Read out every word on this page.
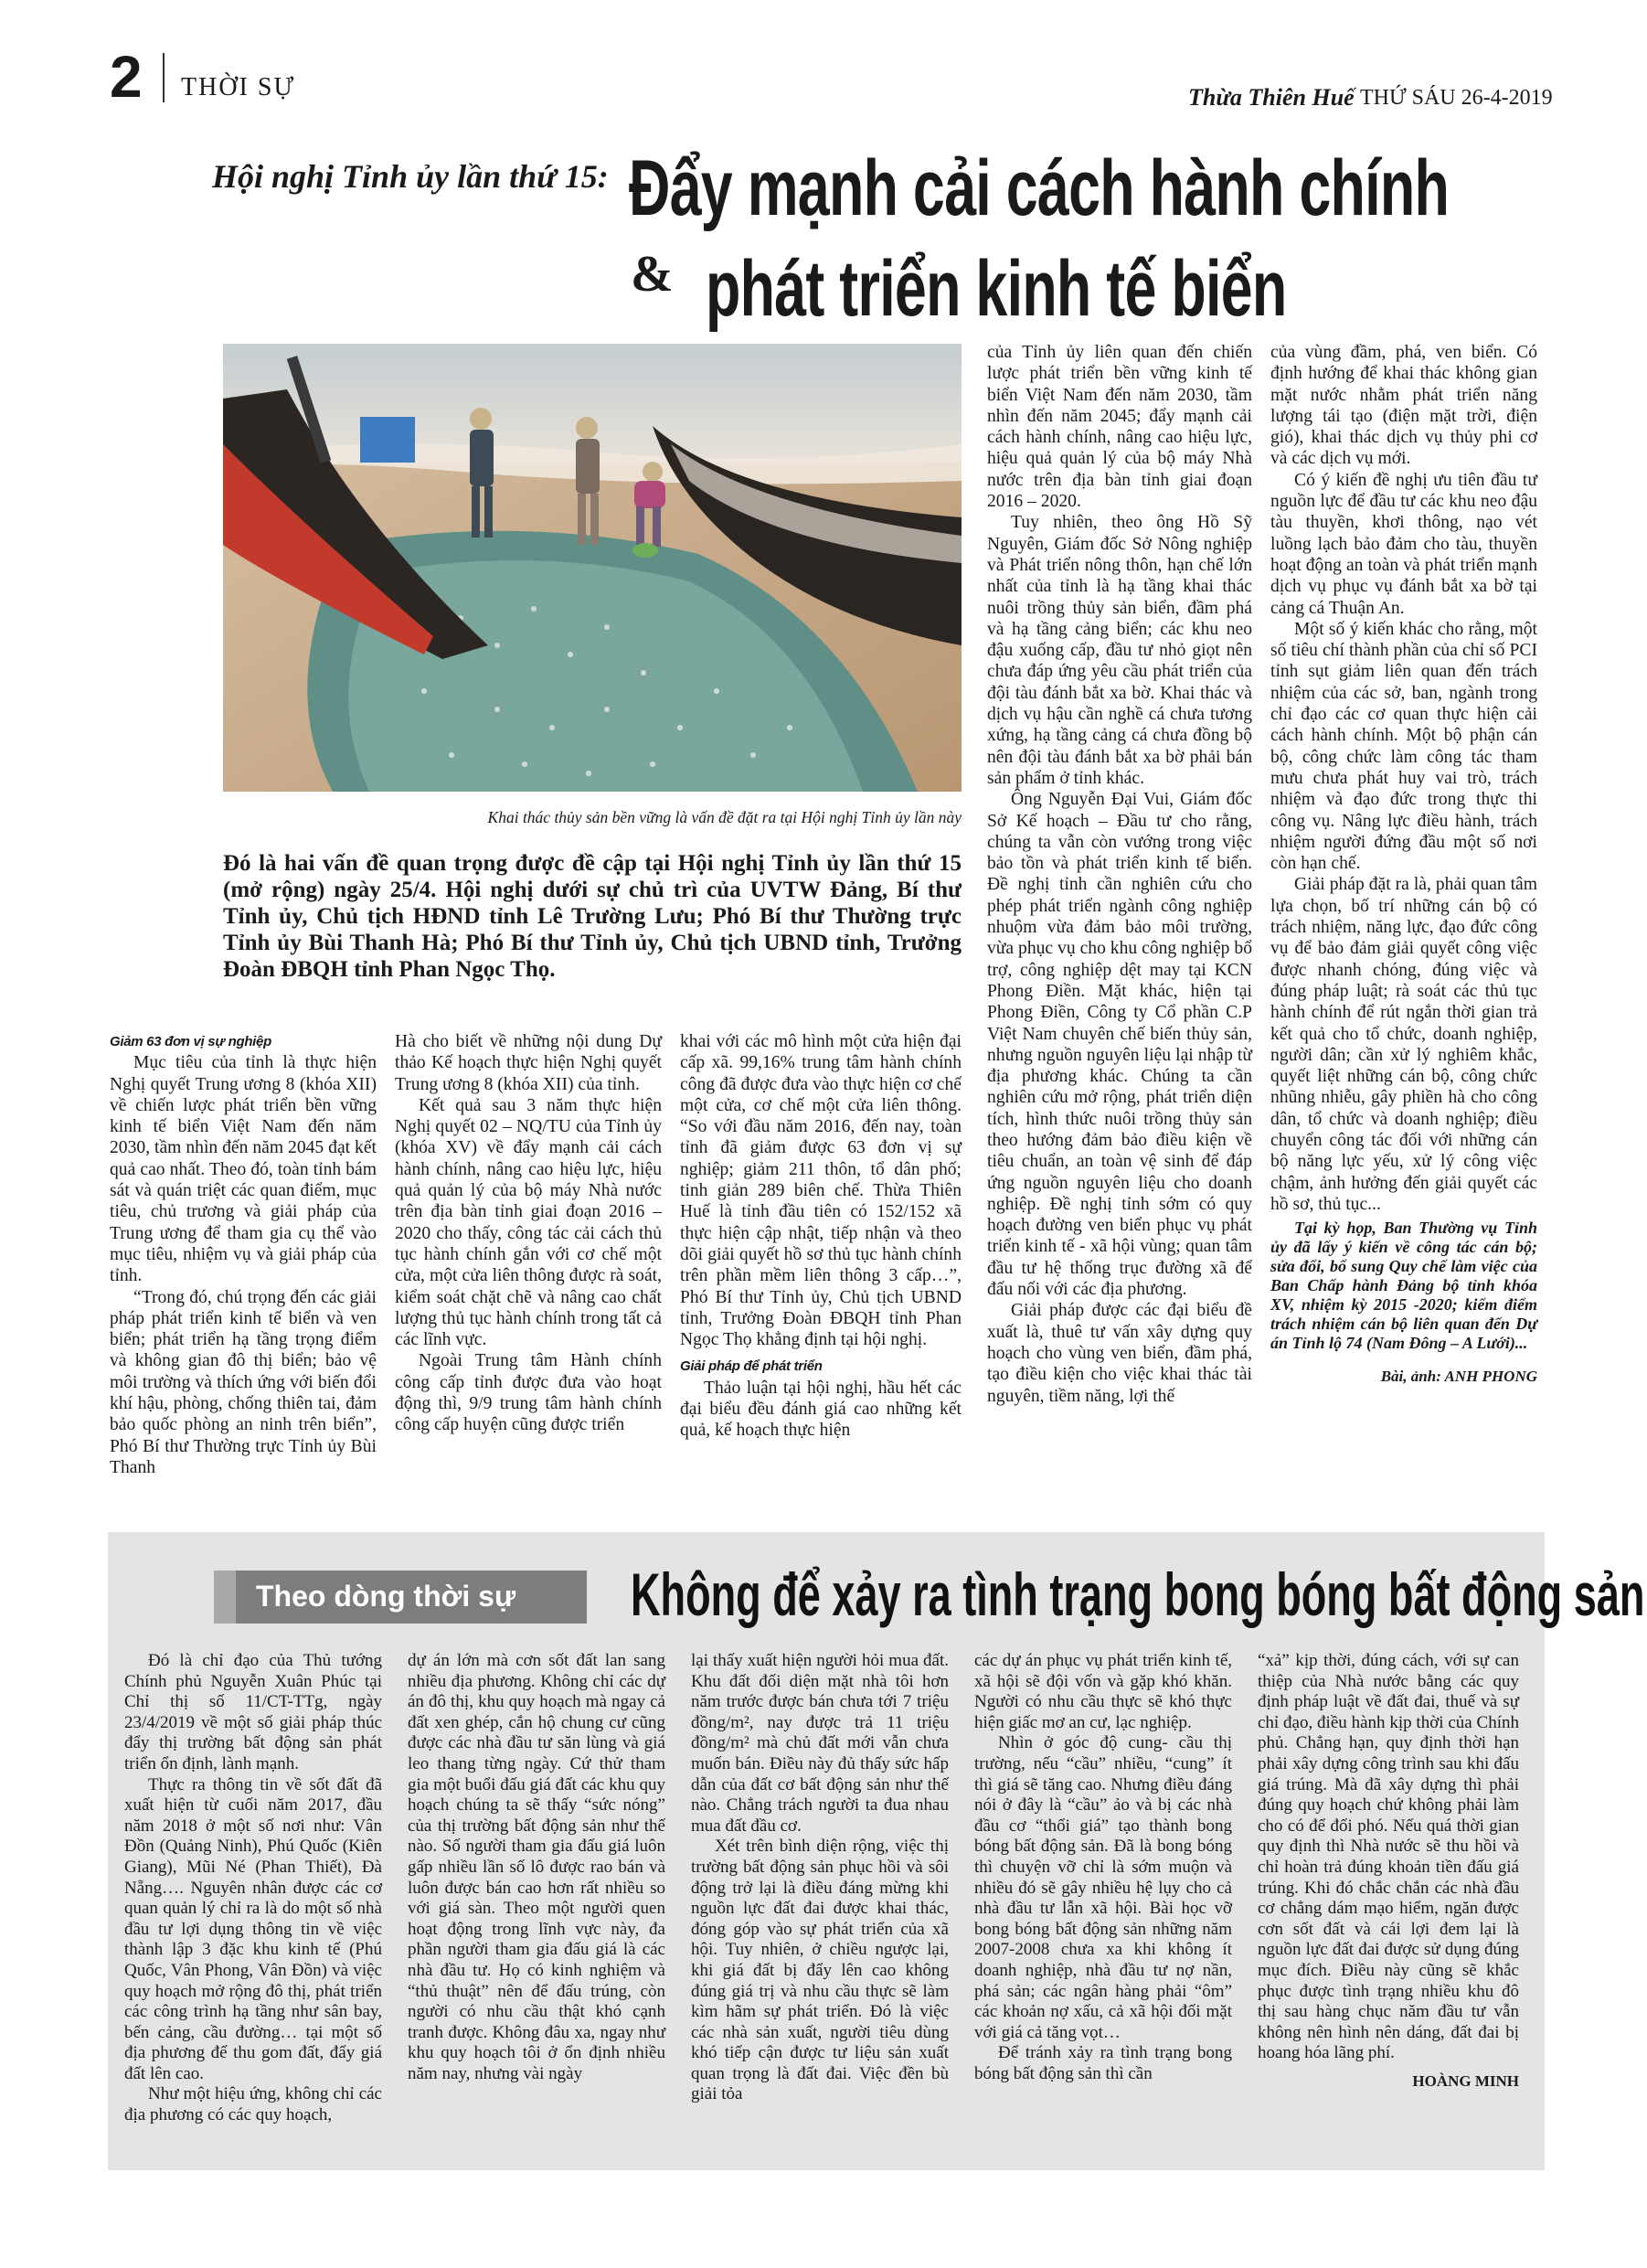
2 THỜI SỰ	Thừa Thiên Huế THỨ SÁU 26-4-2019
Hội nghị Tỉnh ủy lần thứ 15: Đẩy mạnh cải cách hành chính
& phát triển kinh tế biển
Khai thác thủy sản bền vững là vấn đề đặt ra tại Hội nghị Tỉnh ủy lần này
Đó là hai vấn đề quan trọng được đề cập tại Hội nghị Tỉnh ủy lần thứ 15 (mở rộng) ngày 25/4. Hội nghị dưới sự chủ trì của UVTW Đảng, Bí thư Tỉnh ủy, Chủ tịch HĐND tỉnh Lê Trường Lưu; Phó Bí thư Thường trực Tỉnh ủy Bùi Thanh Hà; Phó Bí thư Tỉnh ủy, Chủ tịch UBND tỉnh, Trưởng Đoàn ĐBQH tỉnh Phan Ngọc Thọ.

Giảm 63 đơn vị sự nghiệp

Mục tiêu của tỉnh là thực hiện Nghị quyết Trung ương 8 (khóa XII) về chiến lược phát triển bền vững kinh tế biển Việt Nam đến năm 2030, tầm nhìn đến năm 2045 đạt kết quả cao nhất. Theo đó, toàn tỉnh bám sát và quán triệt các quan điểm, mục tiêu, chủ trương và giải pháp của Trung ương để tham gia cụ thể vào mục tiêu, nhiệm vụ và giải pháp của tỉnh.

“Trong đó, chú trọng đến các giải pháp phát triển kinh tế biển và ven biển; phát triển hạ tầng trọng điểm và không gian đô thị biển; bảo vệ môi trường và thích ứng với biến đổi khí hậu, phòng, chống thiên tai, đảm bảo quốc phòng an ninh trên biển”, Phó Bí thư Thường trực Tỉnh ủy Bùi Thanh

Hà cho biết về những nội dung Dự thảo Kế hoạch thực hiện Nghị quyết Trung ương 8 (khóa XII) của tỉnh.

Kết quả sau 3 năm thực hiện Nghị quyết 02 – NQ/TU của Tỉnh ủy (khóa XV) về đẩy mạnh cải cách hành chính, nâng cao hiệu lực, hiệu quả quản lý của bộ máy Nhà nước trên địa bàn tỉnh giai đoạn 2016 – 2020 cho thấy, công tác cải cách thủ tục hành chính gắn với cơ chế một cửa, một cửa liên thông được rà soát, kiểm soát chặt chẽ và nâng cao chất lượng thủ tục hành chính trong tất cả các lĩnh vực.

Ngoài Trung tâm Hành chính công cấp tỉnh được đưa vào hoạt động thì, 9/9 trung tâm hành chính công cấp huyện cũng được triển

khai với các mô hình một cửa hiện đại cấp xã. 99,16% trung tâm hành chính công đã được đưa vào thực hiện cơ chế một cửa, cơ chế một cửa liên thông. “So với đầu năm 2016, đến nay, toàn tỉnh đã giảm được 63 đơn vị sự nghiệp; giảm 211 thôn, tổ dân phố; tinh giản 289 biên chế. Thừa Thiên Huế là tỉnh đầu tiên có 152/152 xã thực hiện cập nhật, tiếp nhận và theo dõi giải quyết hồ sơ thủ tục hành chính trên phần mềm liên thông 3 cấp…”, Phó Bí thư Tỉnh ủy, Chủ tịch UBND tỉnh, Trưởng Đoàn ĐBQH tỉnh Phan Ngọc Thọ khẳng định tại hội nghị.

Giải pháp để phát triển

Thảo luận tại hội nghị, hầu hết các đại biểu đều đánh giá cao những kết quả, kế hoạch thực hiện

của Tỉnh ủy liên quan đến chiến lược phát triển bền vững kinh tế biển Việt Nam đến năm 2030, tầm nhìn đến năm 2045; đẩy mạnh cải cách hành chính, nâng cao hiệu lực, hiệu quả quản lý của bộ máy Nhà nước trên địa bàn tỉnh giai đoạn 2016 – 2020.

Tuy nhiên, theo ông Hồ Sỹ Nguyên, Giám đốc Sở Nông nghiệp và Phát triển nông thôn, hạn chế lớn nhất của tỉnh là hạ tầng khai thác nuôi trồng thủy sản biển, đầm phá và hạ tầng cảng biển; các khu neo đậu xuống cấp, đầu tư nhỏ giọt nên chưa đáp ứng yêu cầu phát triển của đội tàu đánh bắt xa bờ. Khai thác và dịch vụ hậu cần nghề cá chưa tương xứng, hạ tầng cảng cá chưa đồng bộ nên đội tàu đánh bắt xa bờ phải bán sản phẩm ở tỉnh khác.

Ông Nguyễn Đại Vui, Giám đốc Sở Kế hoạch – Đầu tư cho rằng, chúng ta vẫn còn vướng trong việc bảo tồn và phát triển kinh tế biển. Đề nghị tỉnh cần nghiên cứu cho phép phát triển ngành công nghiệp nhuộm vừa đảm bảo môi trường, vừa phục vụ cho khu công nghiệp bổ trợ, công nghiệp dệt may tại KCN Phong Điền. Mặt khác, hiện tại Phong Điền, Công ty Cổ phần C.P Việt Nam chuyên chế biến thủy sản, nhưng nguồn nguyên liệu lại nhập từ địa phương khác. Chúng ta cần nghiên cứu mở rộng, phát triển diện tích, hình thức nuôi trồng thủy sản theo hướng đảm bảo điều kiện về tiêu chuẩn, an toàn vệ sinh để đáp ứng nguồn nguyên liệu cho doanh nghiệp. Đề nghị tỉnh sớm có quy hoạch đường ven biển phục vụ phát triển kinh tế - xã hội vùng; quan tâm đầu tư hệ thống trục đường xã để đấu nối với các địa phương.

Giải pháp được các đại biểu đề xuất là, thuê tư vấn xây dựng quy hoạch cho vùng ven biển, đầm phá, tạo điều kiện cho việc khai thác tài nguyên, tiềm năng, lợi thế

của vùng đầm, phá, ven biển. Có định hướng để khai thác không gian mặt nước nhằm phát triển năng lượng tái tạo (điện mặt trời, điện gió), khai thác dịch vụ thủy phi cơ và các dịch vụ mới.

Có ý kiến đề nghị ưu tiên đầu tư nguồn lực để đầu tư các khu neo đậu tàu thuyền, khơi thông, nạo vét luồng lạch bảo đảm cho tàu, thuyền hoạt động an toàn và phát triển mạnh dịch vụ phục vụ đánh bắt xa bờ tại cảng cá Thuận An.

Một số ý kiến khác cho rằng, một số tiêu chí thành phần của chỉ số PCI tỉnh sụt giảm liên quan đến trách nhiệm của các sở, ban, ngành trong chỉ đạo các cơ quan thực hiện cải cách hành chính. Một bộ phận cán bộ, công chức làm công tác tham mưu chưa phát huy vai trò, trách nhiệm và đạo đức trong thực thi công vụ. Nâng lực điều hành, trách nhiệm người đứng đầu một số nơi còn hạn chế.

Giải pháp đặt ra là, phải quan tâm lựa chọn, bố trí những cán bộ có trách nhiệm, năng lực, đạo đức công vụ để bảo đảm giải quyết công việc được nhanh chóng, đúng việc và đúng pháp luật; rà soát các thủ tục hành chính để rút ngắn thời gian trả kết quả cho tổ chức, doanh nghiệp, người dân; cần xử lý nghiêm khắc, quyết liệt những cán bộ, công chức nhũng nhiễu, gây phiền hà cho công dân, tổ chức và doanh nghiệp; điều chuyển công tác đối với những cán bộ năng lực yếu, xử lý công việc chậm, ảnh hưởng đến giải quyết các hồ sơ, thủ tục...

Tại kỳ họp, Ban Thường vụ Tỉnh ủy đã lấy ý kiến về công tác cán bộ; sửa đổi, bổ sung Quy chế làm việc của Ban Chấp hành Đảng bộ tỉnh khóa XV, nhiệm kỳ 2015 -2020; kiểm điểm trách nhiệm cán bộ liên quan đến Dự án Tỉnh lộ 74 (Nam Đông – A Lưới)...

Bài, ảnh: ANH PHONG

Theo dòng thời sự Không để xảy ra tình trạng bong bóng bất động sản

Đó là chỉ đạo của Thủ tướng Chính phủ Nguyễn Xuân Phúc tại Chỉ thị số 11/CT-TTg, ngày 23/4/2019 về một số giải pháp thúc đẩy thị trường bất động sản phát triển ổn định, lành mạnh.

Thực ra thông tin về sốt đất đã xuất hiện từ cuối năm 2017, đầu năm 2018 ở một số nơi như: Vân Đồn (Quảng Ninh), Phú Quốc (Kiên Giang), Mũi Né (Phan Thiết), Đà Nẵng…. Nguyên nhân được các cơ quan quản lý chỉ ra là do một số nhà đầu tư lợi dụng thông tin về việc thành lập 3 đặc khu kinh tế (Phú Quốc, Vân Phong, Vân Đồn) và việc quy hoạch mở rộng đô thị, phát triển các công trình hạ tầng như sân bay, bến cảng, cầu đường… tại một số địa phương để thu gom đất, đẩy giá đất lên cao.

Như một hiệu ứng, không chỉ các địa phương có các quy hoạch,

dự án lớn mà cơn sốt đất lan sang nhiều địa phương. Không chỉ các dự án đô thị, khu quy hoạch mà ngay cả đất xen ghép, cắn hộ chung cư cũng được các nhà đầu tư săn lùng và giá leo thang từng ngày. Cứ thử tham gia một buổi đấu giá đất các khu quy hoạch chúng ta sẽ thấy “sức nóng” của thị trường bất động sản như thế nào. Số người tham gia đấu giá luôn gấp nhiều lần số lô được rao bán và luôn được bán cao hơn rất nhiều so với giá sàn. Theo một người quen hoạt động trong lĩnh vực này, đa phần người tham gia đấu giá là các nhà đầu tư. Họ có kinh nghiệm và “thủ thuật” nên để đấu trúng, còn người có nhu cầu thật khó cạnh tranh được. Không đâu xa, ngay như khu quy hoạch tôi ở ổn định nhiều năm nay, nhưng vài ngày

lại thấy xuất hiện người hỏi mua đất. Khu đất đối diện mặt nhà tôi hơn năm trước được bán chưa tới 7 triệu đồng/m², nay được trả 11 triệu đồng/m² mà chủ đất mới vẫn chưa muốn bán. Điều này đủ thấy sức hấp dẫn của đất cơ bất động sản như thế nào. Chẳng trách người ta đua nhau mua đất đầu cơ.

Xét trên bình diện rộng, việc thị trường bất động sản phục hồi và sôi động trở lại là điều đáng mừng khi nguồn lực đất đai được khai thác, đóng góp vào sự phát triển của xã hội. Tuy nhiên, ở chiều ngược lại, khi giá đất bị đẩy lên cao không đúng giá trị và nhu cầu thực sẽ làm kìm hãm sự phát triển. Đó là việc các nhà sản xuất, người tiêu dùng khó tiếp cận được tư liệu sản xuất quan trọng là đất đai. Việc đền bù giải tỏa

các dự án phục vụ phát triển kinh tế, xã hội sẽ đội vốn và gặp khó khăn. Người có nhu cầu thực sẽ khó thực hiện giấc mơ an cư, lạc nghiệp.

Nhìn ở góc độ cung- cầu thị trường, nếu “cầu” nhiều, “cung” ít thì giá sẽ tăng cao. Nhưng điều đáng nói ở đây là “cầu” ảo và bị các nhà đầu cơ “thổi giá” tạo thành bong bóng bất động sản. Đã là bong bóng thì chuyện vỡ chỉ là sớm muộn và nhiều đó sẽ gây nhiều hệ lụy cho cả nhà đầu tư lẫn xã hội. Bài học vỡ bong bóng bất động sản những năm 2007-2008 chưa xa khi không ít doanh nghiệp, nhà đầu tư nợ nần, phá sản; các ngân hàng phải “ôm” các khoản nợ xấu, cả xã hội đối mặt với giá cả tăng vọt…

Để tránh xảy ra tình trạng bong bóng bất động sản thì cần

“xả” kịp thời, đúng cách, với sự can thiệp của Nhà nước bằng các quy định pháp luật về đất đai, thuế và sự chỉ đạo, điều hành kịp thời của Chính phủ. Chẳng hạn, quy định thời hạn phải xây dựng công trình sau khi đấu giá trúng. Mà đã xây dựng thì phải đúng quy hoạch chứ không phải làm cho có để đối phó. Nếu quá thời gian quy định thì Nhà nước sẽ thu hồi và chỉ hoàn trả đúng khoản tiền đấu giá trúng. Khi đó chắc chắn các nhà đầu cơ chẳng dám mạo hiểm, ngăn được cơn sốt đất và cái lợi đem lại là nguồn lực đất đai được sử dụng đúng mục đích. Điều này cũng sẽ khắc phục được tình trạng nhiều khu đô thị sau hàng chục năm đầu tư vẫn không nên hình nên dáng, đất đai bị hoang hóa lãng phí.

HOÀNG MINH
